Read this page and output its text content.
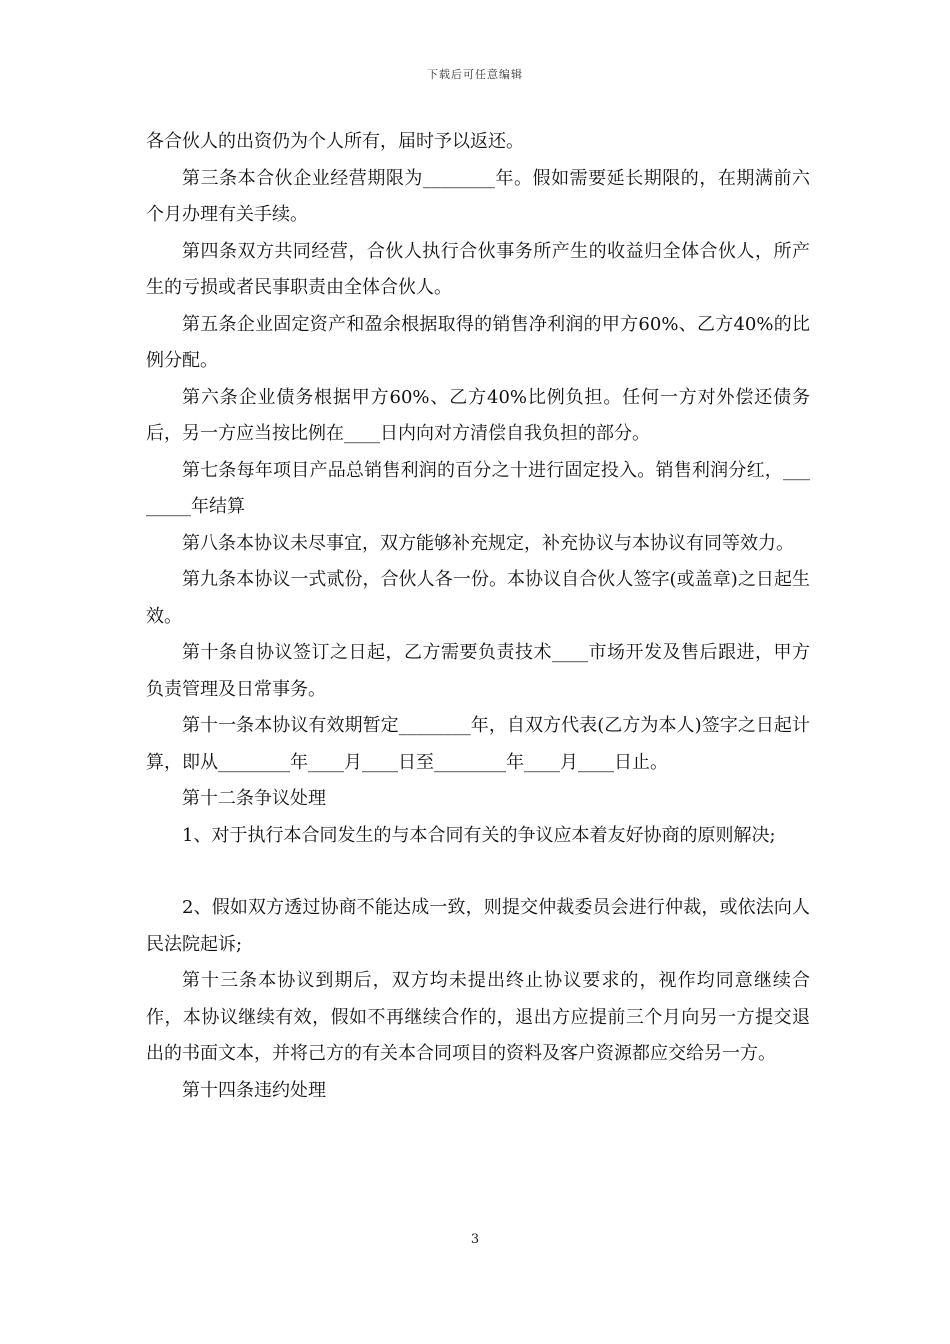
下载后可任意编辑

各合伙人的出资仍为个人所有，届时予以返还。

第三条本合伙企业经营期限为________年。假如需要延长期限的，在期满前六个月办理有关手续。

第四条双方共同经营，合伙人执行合伙事务所产生的收益归全体合伙人，所产生的亏损或者民事职责由全体合伙人。

第五条企业固定资产和盈余根据取得的销售净利润的甲方60%、乙方40%的比例分配。

第六条企业债务根据甲方60%、乙方40%比例负担。任何一方对外偿还债务后，另一方应当按比例在____日内向对方清偿自我负担的部分。

第七条每年项目产品总销售利润的百分之十进行固定投入。销售利润分红，________年结算

第八条本协议未尽事宜，双方能够补充规定，补充协议与本协议有同等效力。

第九条本协议一式贰份，合伙人各一份。本协议自合伙人签字(或盖章)之日起生效。

第十条自协议签订之日起，乙方需要负责技术____市场开发及售后跟进，甲方负责管理及日常事务。

第十一条本协议有效期暂定________年，自双方代表(乙方为本人)签字之日起计算，即从________年____月____日至________年____月____日止。

第十二条争议处理

1、对于执行本合同发生的与本合同有关的争议应本着友好协商的原则解决;

2、假如双方透过协商不能达成一致，则提交仲裁委员会进行仲裁，或依法向人民法院起诉;

第十三条本协议到期后，双方均未提出终止协议要求的，视作均同意继续合作，本协议继续有效，假如不再继续合作的，退出方应提前三个月向另一方提交退出的书面文本，并将己方的有关本合同项目的资料及客户资源都应交给另一方。

第十四条违约处理

3
